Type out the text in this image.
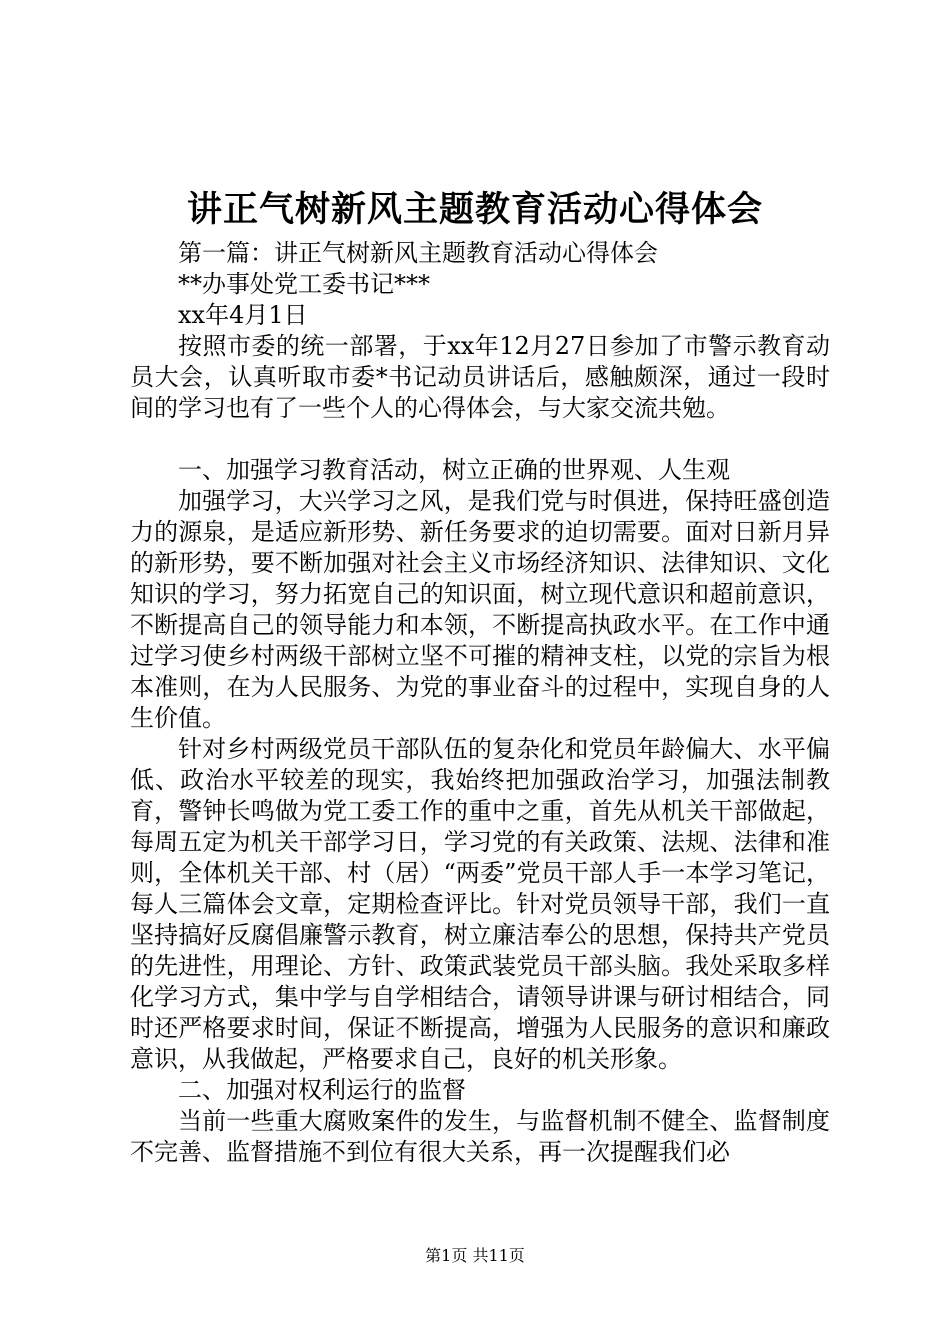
讲正气树新风主题教育活动心得体会

第一篇：讲正气树新风主题教育活动心得体会

**办事处党工委书记***

xx年4月1日

按照市委的统一部署，于xx年12月27日参加了市警示教育动员大会，认真听取市委*书记动员讲话后，感触颇深，通过一段时间的学习也有了一些个人的心得体会，与大家交流共勉。

一、加强学习教育活动，树立正确的世界观、人生观

加强学习，大兴学习之风，是我们党与时俱进，保持旺盛创造力的源泉，是适应新形势、新任务要求的迫切需要。面对日新月异的新形势，要不断加强对社会主义市场经济知识、法律知识、文化知识的学习，努力拓宽自己的知识面，树立现代意识和超前意识，不断提高自己的领导能力和本领，不断提高执政水平。在工作中通过学习使乡村两级干部树立坚不可摧的精神支柱，以党的宗旨为根本准则，在为人民服务、为党的事业奋斗的过程中，实现自身的人生价值。

针对乡村两级党员干部队伍的复杂化和党员年龄偏大、水平偏低、政治水平较差的现实，我始终把加强政治学习，加强法制教育，警钟长鸣做为党工委工作的重中之重，首先从机关干部做起，每周五定为机关干部学习日，学习党的有关政策、法规、法律和准则，全体机关干部、村（居）“两委”党员干部人手一本学习笔记，每人三篇体会文章，定期检查评比。针对党员领导干部，我们一直坚持搞好反腐倡廉警示教育，树立廉洁奉公的思想，保持共产党员的先进性，用理论、方针、政策武装党员干部头脑。我处采取多样化学习方式，集中学与自学相结合，请领导讲课与研讨相结合，同时还严格要求时间，保证不断提高，增强为人民服务的意识和廉政意识，从我做起，严格要求自己，良好的机关形象。

二、加强对权利运行的监督

当前一些重大腐败案件的发生，与监督机制不健全、监督制度不完善、监督措施不到位有很大关系，再一次提醒我们必

第1页 共11页
